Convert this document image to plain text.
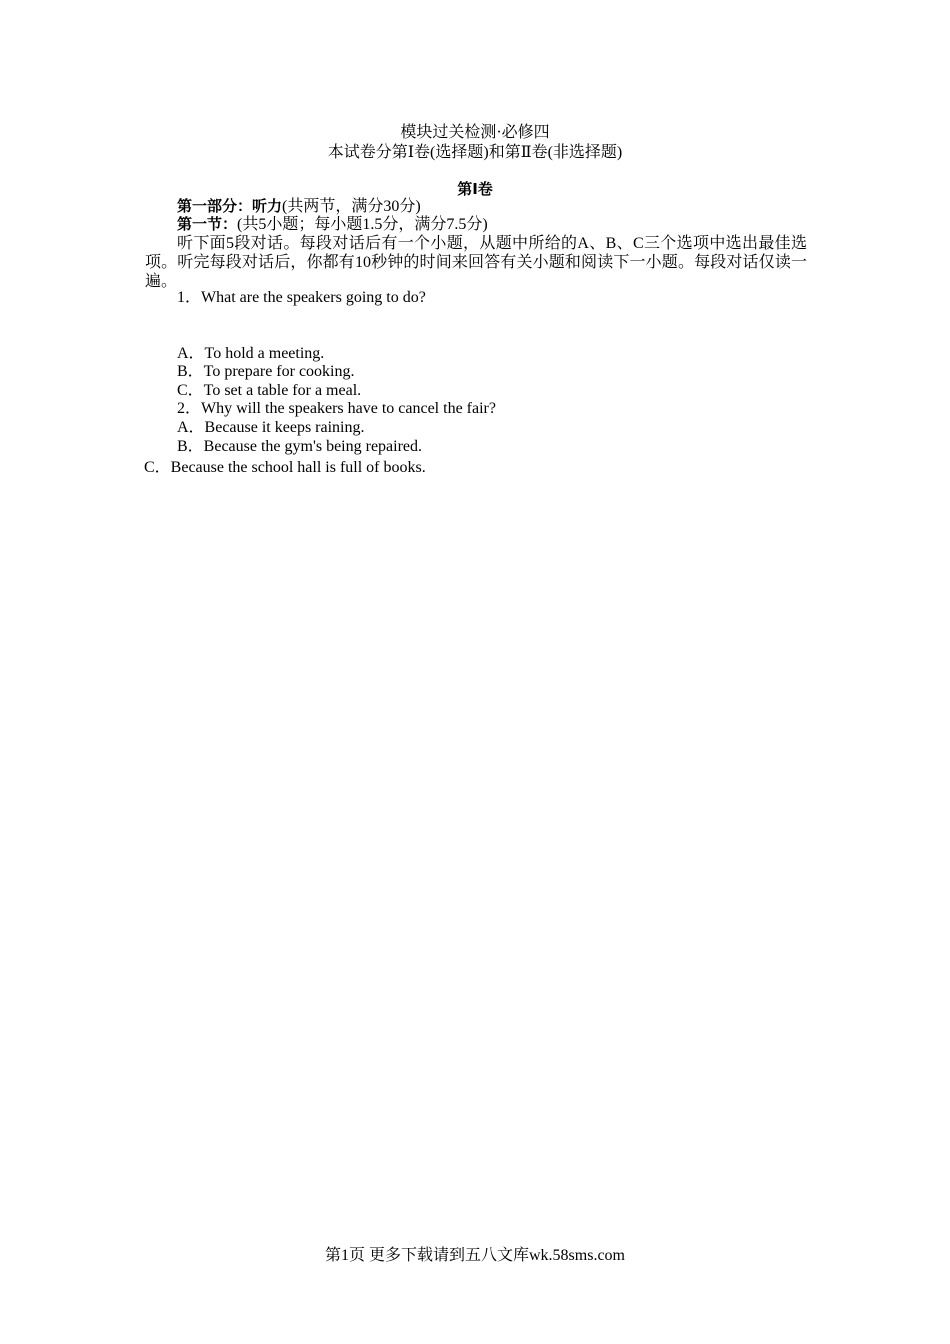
模块过关检测·必修四
本试卷分第Ⅰ卷(选择题)和第Ⅱ卷(非选择题)
第Ⅰ卷
第一部分：听力(共两节，满分30分)
第一节：(共5小题；每小题1.5分，满分7.5分)
听下面5段对话。每段对话后有一个小题，从题中所给的A、B、C三个选项中选出最佳选项。听完每段对话后，你都有10秒钟的时间来回答有关小题和阅读下一小题。每段对话仅读一遍。
1．What are the speakers going to do?
A．To hold a meeting.
B．To prepare for cooking.
C．To set a table for a meal.
2．Why will the speakers have to cancel the fair?
A．Because it keeps raining.
B．Because the gym's being repaired.
C．Because the school hall is full of books.
第1页 更多下载请到五八文库wk.58sms.com
